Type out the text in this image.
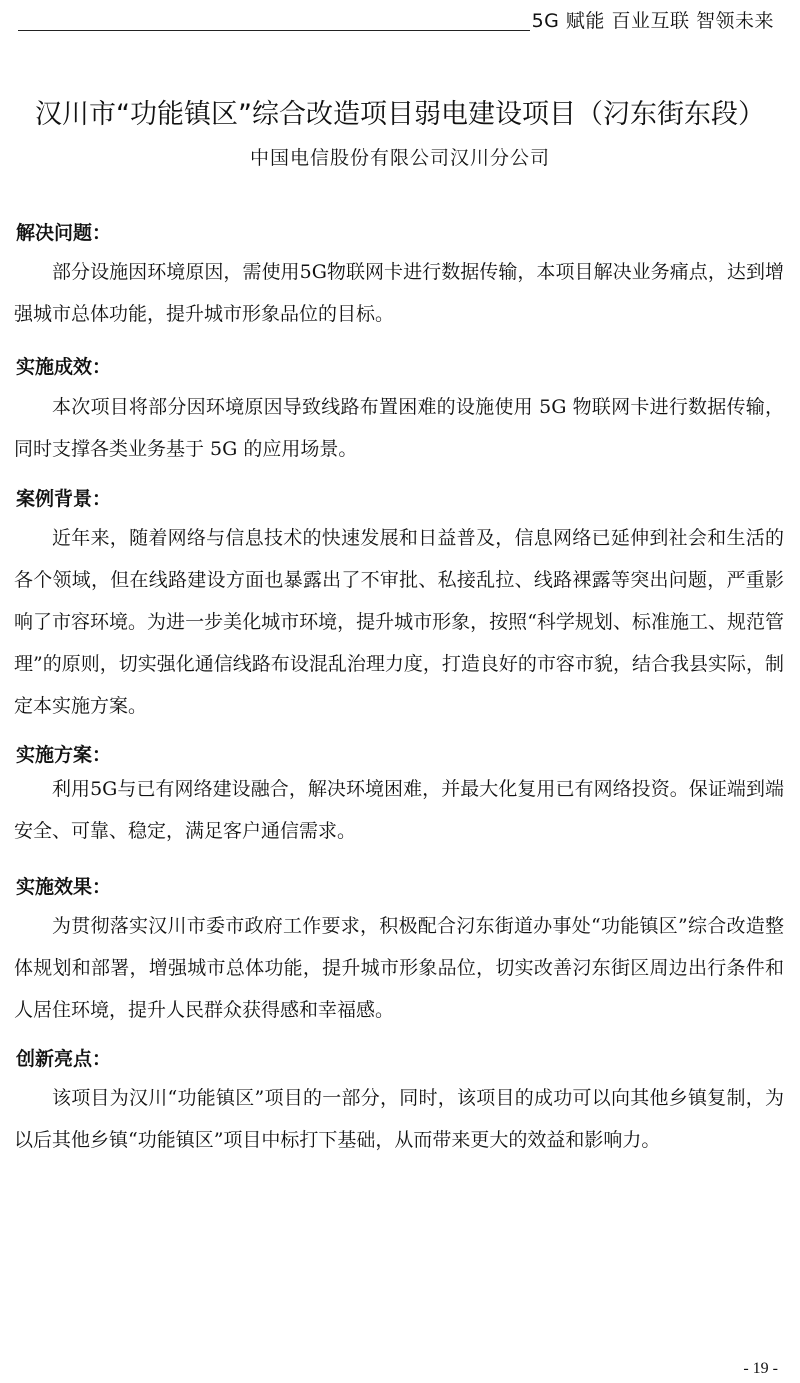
5G 赋能 百业互联 智领未来
汉川市“功能镇区”综合改造项目弱电建设项目（汈东街东段）
中国电信股份有限公司汉川分公司
解决问题：

部分设施因环境原因，需使用5G物联网卡进行数据传输，本项目解决业务痛点，达到增强城市总体功能，提升城市形象品位的目标。

实施成效：

本次项目将部分因环境原因导致线路布置困难的设施使用 5G 物联网卡进行数据传输，同时支撑各类业务基于 5G 的应用场景。

案例背景：

近年来，随着网络与信息技术的快速发展和日益普及，信息网络已延伸到社会和生活的各个领域，但在线路建设方面也暴露出了不审批、私接乱拉、线路裸露等突出问题，严重影响了市容环境。为进一步美化城市环境，提升城市形象，按照“科学规划、标准施工、规范管理”的原则，切实强化通信线路布设混乱治理力度，打造良好的市容市貌，结合我县实际，制定本实施方案。

实施方案：

利用5G与已有网络建设融合，解决环境困难，并最大化复用已有网络投资。保证端到端安全、可靠、稳定，满足客户通信需求。

实施效果：

为贯彻落实汉川市委市政府工作要求，积极配合汈东街道办事处“功能镇区”综合改造整体规划和部署，增强城市总体功能，提升城市形象品位，切实改善汈东街区周边出行条件和人居住环境，提升人民群众获得感和幸福感。

创新亮点：

该项目为汉川“功能镇区”项目的一部分，同时，该项目的成功可以向其他乡镇复制，为以后其他乡镇“功能镇区”项目中标打下基础，从而带来更大的效益和影响力。

- 19 -
